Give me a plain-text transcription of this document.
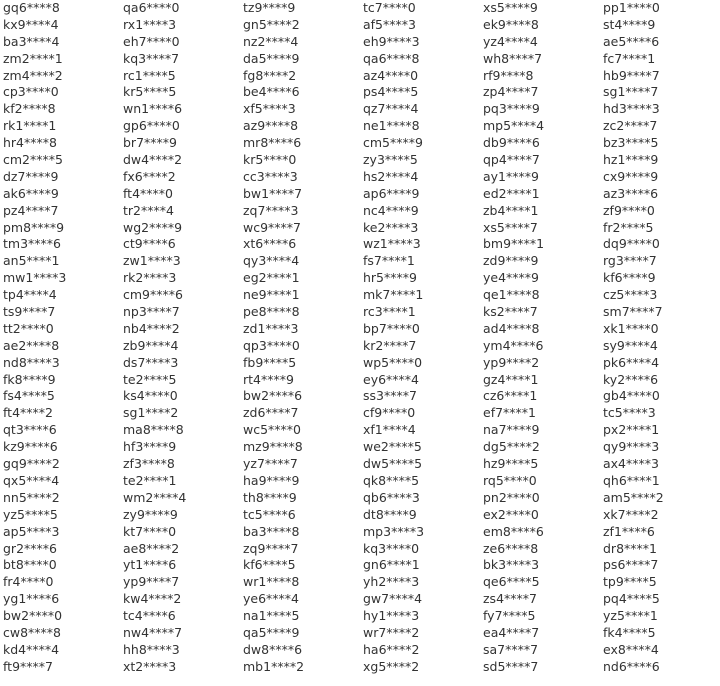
gq6****8
kx9****4
ba3****4
zm2****1
zm4****2
cp3****0
kf2****8
rk1****1
hr4****8
cm2****5
dz7****9
ak6****9
pz4****7
pm8****9
tm3****6
an5****1
mw1****3
tp4****4
ts9****7
tt2****0
ae2****8
nd8****3
fk8****9
fs4****5
ft4****2
qt3****6
kz9****6
gq9****2
qx5****4
nn5****2
yz5****5
ap5****3
gr2****6
bt8****0
fr4****0
yg1****6
bw2****0
cw8****8
kd4****4
ft9****7
qa6****0
rx1****3
eh7****0
kq3****7
rc1****5
kr5****5
wn1****6
gp6****0
br7****9
dw4****2
fx6****2
ft4****0
tr2****4
wg2****9
ct9****6
zw1****3
rk2****3
cm9****6
np3****7
nb4****2
zb9****4
ds7****3
te2****5
ks4****0
sg1****2
ma8****8
hf3****9
zf3****8
te2****1
wm2****4
zy9****9
kt7****0
ae8****2
yt1****6
yp9****7
kw4****2
tc4****6
nw4****7
hh8****3
xt2****3
tz9****9
gn5****2
nz2****4
da5****9
fg8****2
be4****6
xf5****3
az9****8
mr8****6
kr5****0
cc3****3
bw1****7
zq7****3
wc9****7
xt6****6
qy3****4
eg2****1
ne9****1
pe8****8
zd1****3
qp3****0
fb9****5
rt4****9
bw2****6
zd6****7
wc5****0
mz9****8
yz7****7
ha9****9
th8****9
tc5****6
ba3****8
zq9****7
kf6****5
wr1****8
ye6****4
na1****5
qa5****9
dw8****6
mb1****2
tc7****0
af5****3
eh9****3
qa6****8
az4****0
ps4****5
qz7****4
ne1****8
cm5****9
zy3****5
hs2****4
ap6****9
nc4****9
ke2****3
wz1****3
fs7****1
hr5****9
mk7****1
rc3****1
bp7****0
kr2****7
wp5****0
ey6****4
ss3****7
cf9****0
xf1****4
we2****5
dw5****5
qk8****5
qb6****3
dt8****9
mp3****3
kq3****0
gn6****1
yh2****3
gw7****4
hy1****3
wr7****2
ha6****2
xg5****2
xs5****9
ek9****8
yz4****4
wh8****7
rf9****8
zp4****7
pq3****9
mp5****4
db9****6
qp4****7
ay1****9
ed2****1
zb4****1
xs5****7
bm9****1
zd9****9
ye4****9
qe1****8
ks2****7
ad4****8
ym4****6
yp9****2
gz4****1
cz6****1
ef7****1
na7****9
dg5****2
hz9****5
rq5****0
pn2****0
ex2****0
em8****6
ze6****8
bk3****3
qe6****5
zs4****7
fy7****5
ea4****7
sa7****7
sd5****7
pp1****0
st4****9
ae5****6
fc7****1
hb9****7
sg1****7
hd3****3
zc2****7
bz3****5
hz1****9
cx9****9
az3****6
zf9****0
fr2****5
dq9****0
rg3****7
kf6****9
cz5****3
sm7****7
xk1****0
sy9****4
pk6****4
ky2****6
gb4****0
tc5****3
px2****1
qy9****3
ax4****3
qh6****1
am5****2
xk7****2
zf1****6
dr8****1
ps6****7
tp9****5
pq4****5
yz5****1
fk4****5
ex8****4
nd6****6
